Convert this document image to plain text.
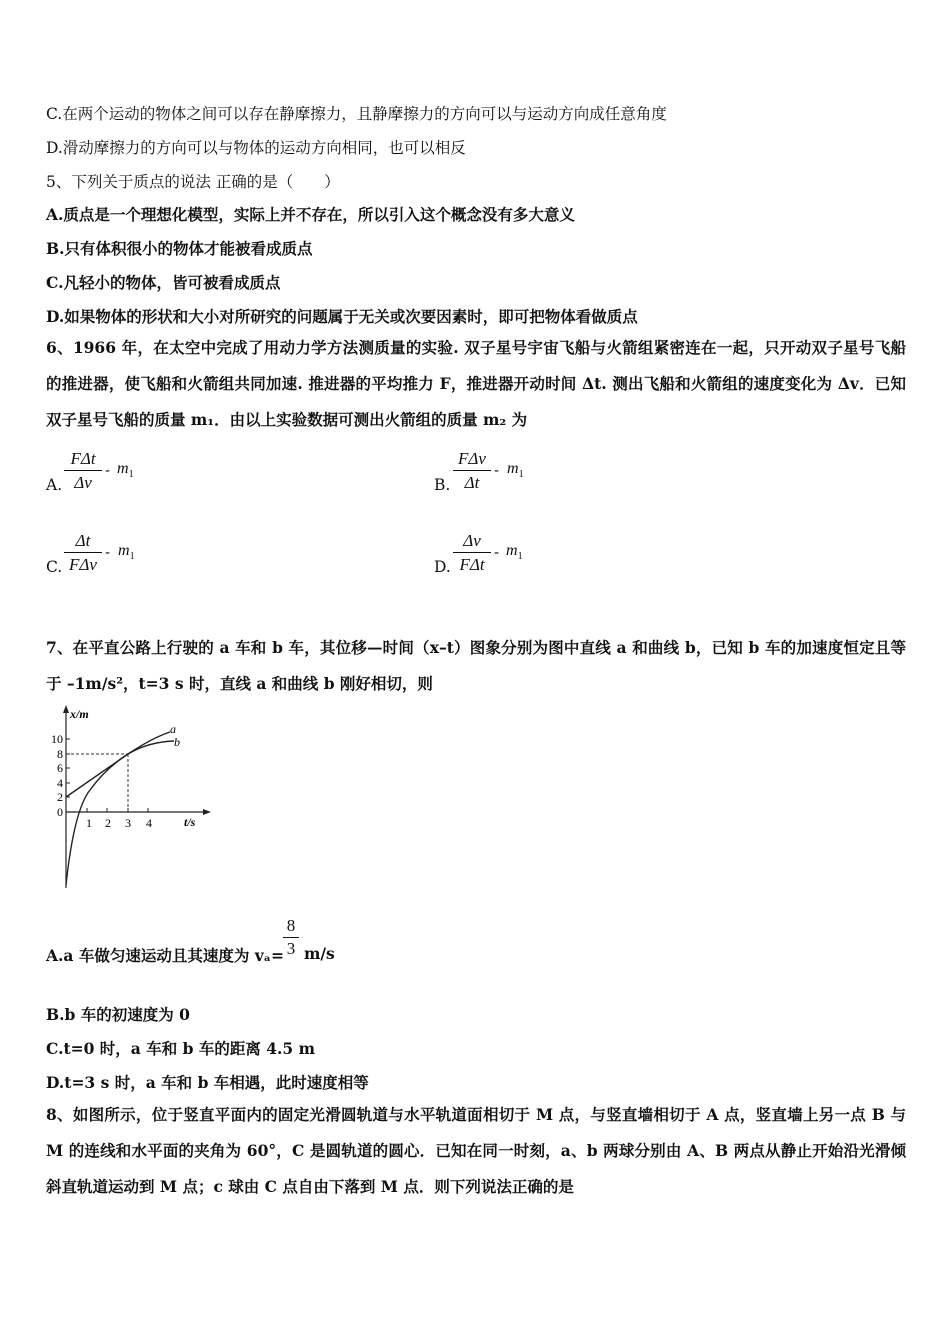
C.在两个运动的物体之间可以存在静摩擦力，且静摩擦力的方向可以与运动方向成任意角度
D.滑动摩擦力的方向可以与物体的运动方向相同，也可以相反
5、下列关于质点的说法 正确的是（　　）
A.质点是一个理想化模型，实际上并不存在，所以引入这个概念没有多大意义
B.只有体积很小的物体才能被看成质点
C.凡轻小的物体，皆可被看成质点
D.如果物体的形状和大小对所研究的问题属于无关或次要因素时，即可把物体看做质点
6、1966 年，在太空中完成了用动力学方法测质量的实验. 双子星号宇宙飞船与火箭组紧密连在一起，只开动双子星号飞船的推进器，使飞船和火箭组共同加速. 推进器的平均推力 F，推进器开动时间 Δt. 测出飞船和火箭组的速度变化为 Δv．已知双子星号飞船的质量 m₁．由以上实验数据可测出火箭组的质量 m₂ 为
A.
FΔt
Δv
- $m_1$
B.
FΔv
Δt
- $m_1$
C.
Δt
FΔv
- $m_1$
D.
Δv
FΔt
- $m_1$
7、在平直公路上行驶的 a 车和 b 车，其位移—时间（x–t）图象分别为图中直线 a 和曲线 b，已知 b 车的加速度恒定且等于 –1m/s²，t=3 s 时，直线 a 和曲线 b 刚好相切，则
x/m
t/s
a
b
10
8
6
4
2
0
1 2 3 4
A.a 车做匀速运动且其速度为 $v_a= \frac{8}{3} m/s$
B.b 车的初速度为 0
C.t=0 时，a 车和 b 车的距离 4.5 m
D.t=3 s 时，a 车和 b 车相遇，此时速度相等
8、如图所示，位于竖直平面内的固定光滑圆轨道与水平轨道面相切于 M 点，与竖直墙相切于 A 点，竖直墙上另一点 B 与 M 的连线和水平面的夹角为 60°，C 是圆轨道的圆心．已知在同一时刻，a、b 两球分别由 A、B 两点从静止开始沿光滑倾斜直轨道运动到 M 点；c 球由 C 点自由下落到 M 点．则下列说法正确的是
